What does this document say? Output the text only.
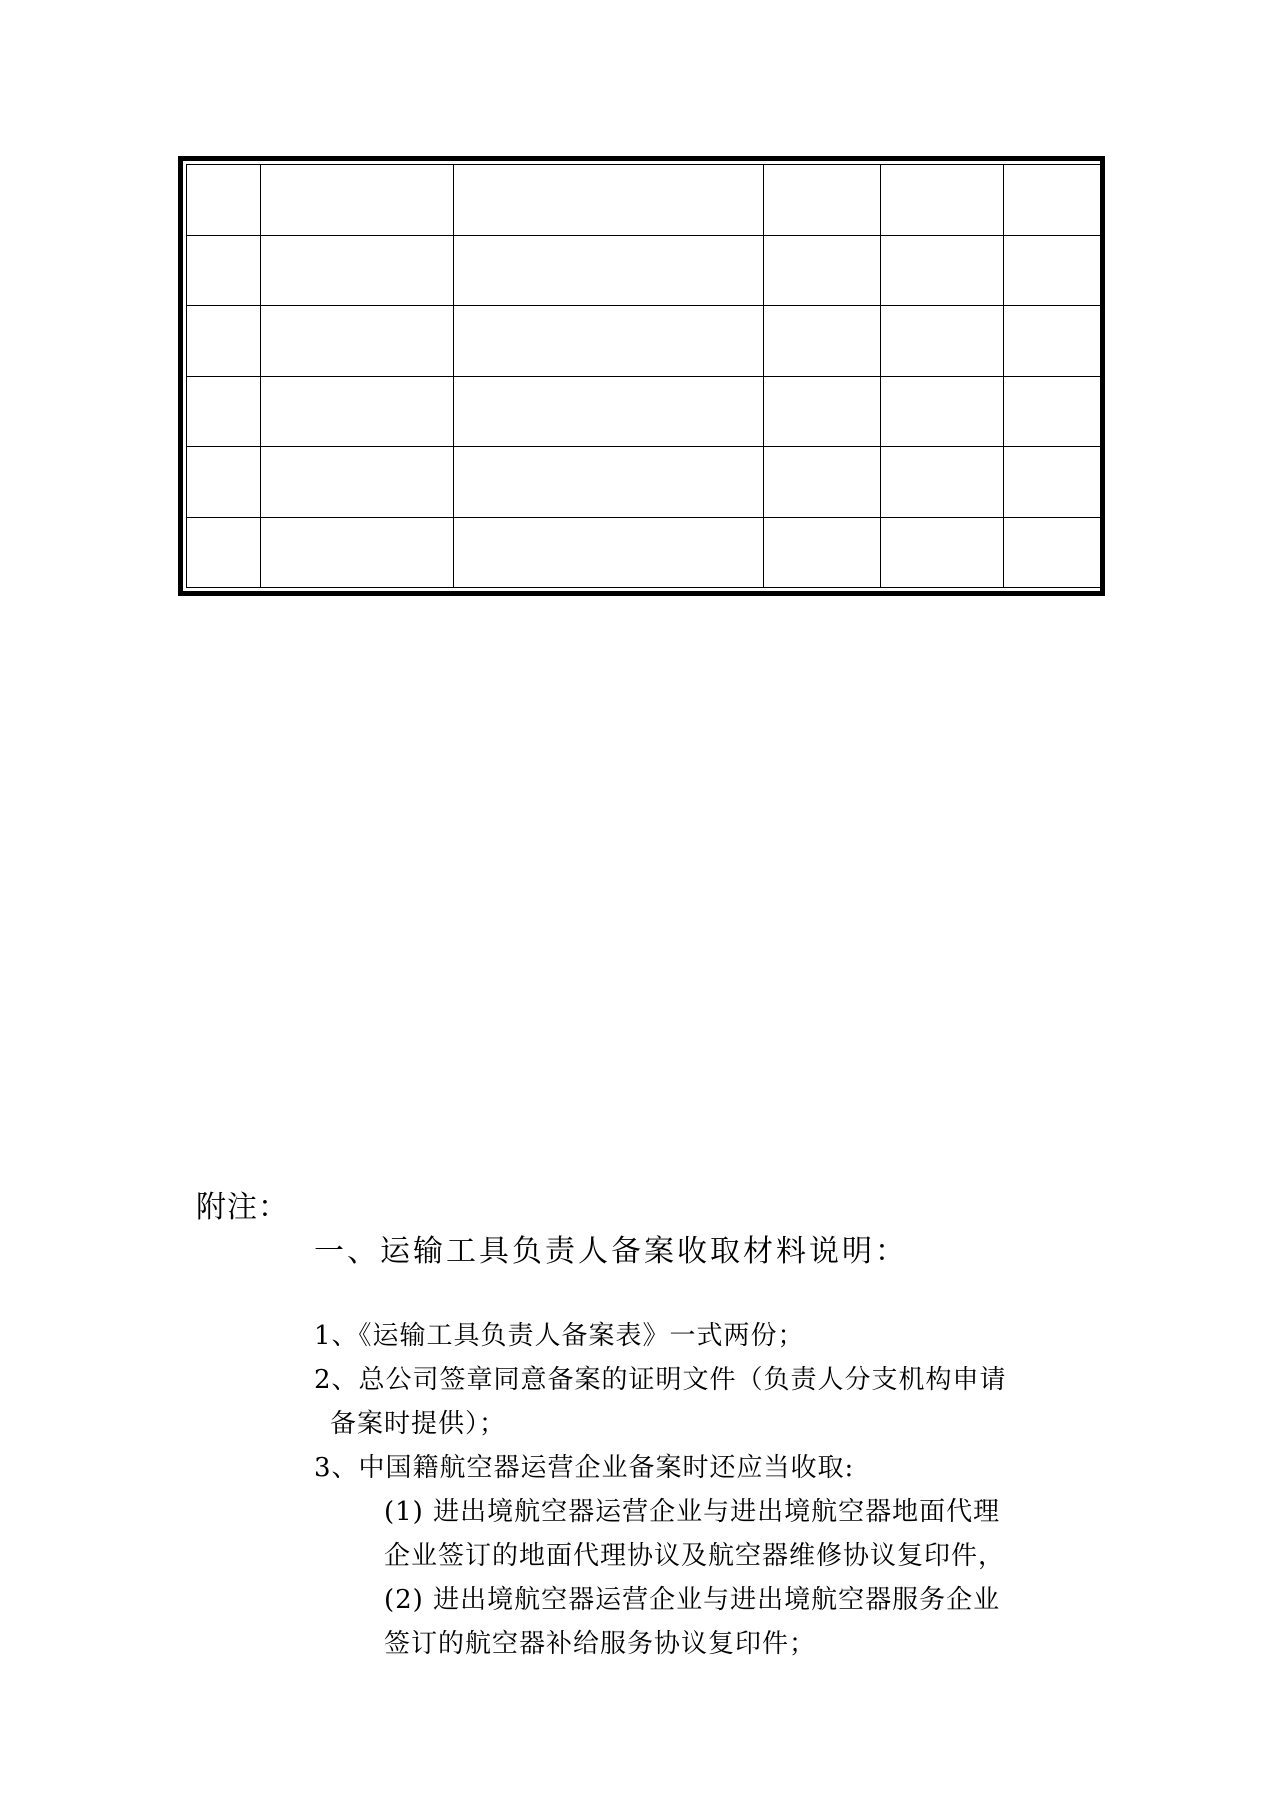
附注：
一、运输工具负责人备案收取材料说明：
1、《运输工具负责人备案表》一式两份；
2、总公司签章同意备案的证明文件（负责人分支机构申请
备案时提供）；
3、中国籍航空器运营企业备案时还应当收取:
(1) 进出境航空器运营企业与进出境航空器地面代理
企业签订的地面代理协议及航空器维修协议复印件，
(2) 进出境航空器运营企业与进出境航空器服务企业
签订的航空器补给服务协议复印件；
